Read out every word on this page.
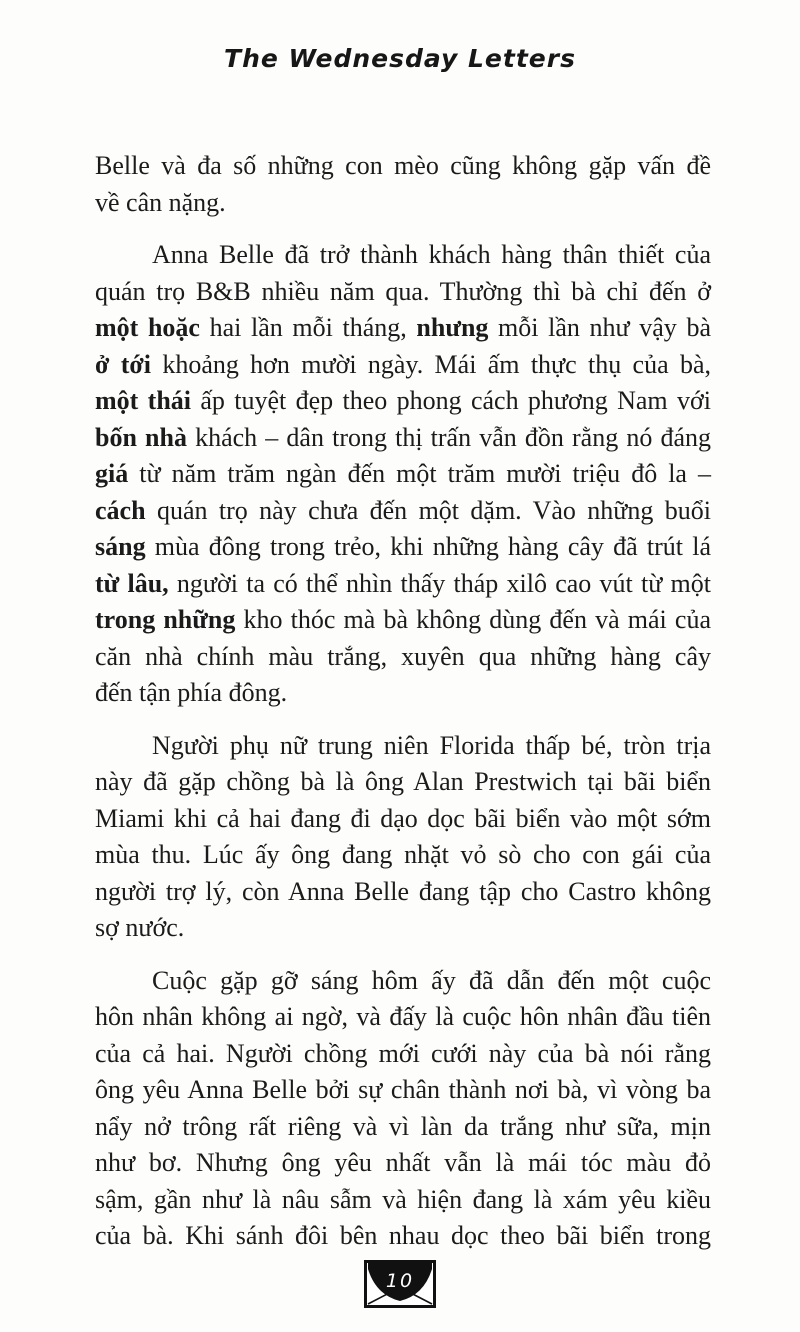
The Wednesday Letters
Belle và đa số những con mèo cũng không gặp vấn đề
về cân nặng.
Anna Belle đã trở thành khách hàng thân thiết của
quán trọ B&B nhiều năm qua. Thường thì bà chỉ đến ở
một hoặc hai lần mỗi tháng, nhưng mỗi lần như vậy bà
ở tới khoảng hơn mười ngày. Mái ấm thực thụ của bà,
một thái ấp tuyệt đẹp theo phong cách phương Nam với
bốn nhà khách – dân trong thị trấn vẫn đồn rằng nó đáng
giá từ năm trăm ngàn đến một trăm mười triệu đô la –
cách quán trọ này chưa đến một dặm. Vào những buổi
sáng mùa đông trong trẻo, khi những hàng cây đã trút lá
từ lâu, người ta có thể nhìn thấy tháp xilô cao vút từ một
trong những kho thóc mà bà không dùng đến và mái của
căn nhà chính màu trắng, xuyên qua những hàng cây
đến tận phía đông.
Người phụ nữ trung niên Florida thấp bé, tròn trịa
này đã gặp chồng bà là ông Alan Prestwich tại bãi biển
Miami khi cả hai đang đi dạo dọc bãi biển vào một sớm
mùa thu. Lúc ấy ông đang nhặt vỏ sò cho con gái của
người trợ lý, còn Anna Belle đang tập cho Castro không
sợ nước.
Cuộc gặp gỡ sáng hôm ấy đã dẫn đến một cuộc
hôn nhân không ai ngờ, và đấy là cuộc hôn nhân đầu tiên
của cả hai. Người chồng mới cưới này của bà nói rằng
ông yêu Anna Belle bởi sự chân thành nơi bà, vì vòng ba
nẩy nở trông rất riêng và vì làn da trắng như sữa, mịn
như bơ. Nhưng ông yêu nhất vẫn là mái tóc màu đỏ
sậm, gần như là nâu sẫm và hiện đang là xám yêu kiều
của bà. Khi sánh đôi bên nhau dọc theo bãi biển trong
10
